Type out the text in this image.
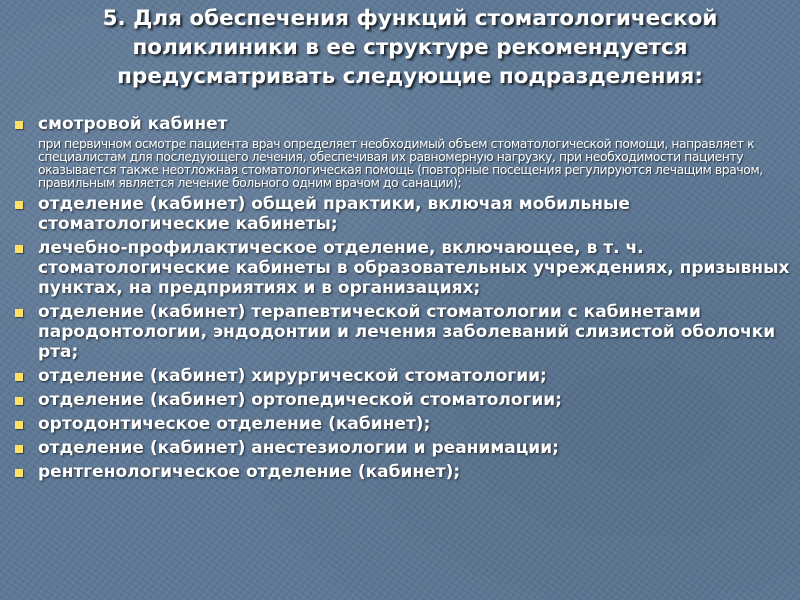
5. Для обеспечения функций стоматологической поликлиники в ее структуре рекомендуется предусматривать следующие подразделения:
смотровой кабинет
при первичном осмотре пациента врач определяет необходимый объем стоматологической помощи, направляет к специалистам для последующего лечения, обеспечивая их равномерную нагрузку, при необходимости пациенту оказывается также неотложная стоматологическая помощь (повторные посещения регулируются лечащим врачом, правильным является лечение больного одним врачом до санации);
отделение (кабинет) общей практики, включая мобильные стоматологические кабинеты;
лечебно-профилактическое отделение, включающее, в т. ч. стоматологические кабинеты в образовательных учреждениях, призывных пунктах, на предприятиях и в организациях;
отделение (кабинет) терапевтической стоматологии с кабинетами пародонтологии, эндодонтии и лечения заболеваний слизистой оболочки рта;
отделение (кабинет) хирургической стоматологии;
отделение (кабинет) ортопедической стоматологии;
ортодонтическое отделение (кабинет);
отделение (кабинет) анестезиологии и реанимации;
рентгенологическое отделение (кабинет);
